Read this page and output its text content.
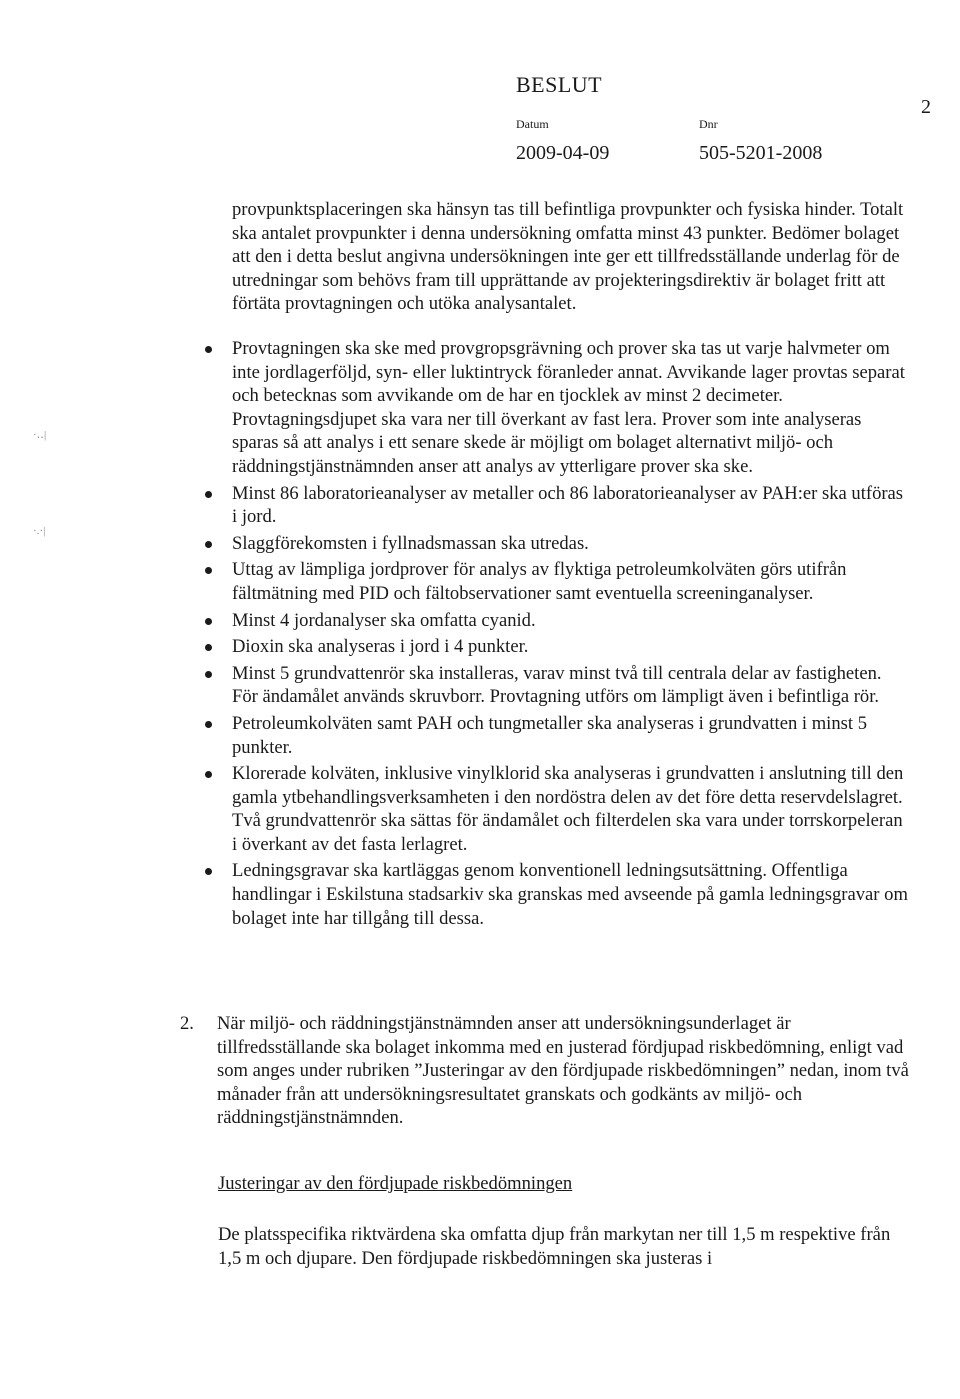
BESLUT
2
Datum	Dnr
2009-04-09	505-5201-2008
·‥|
·.·|
provpunktsplaceringen ska hänsyn tas till befintliga provpunkter och fysiska hinder. Totalt ska antalet provpunkter i denna undersökning omfatta minst 43 punkter. Bedömer bolaget att den i detta beslut angivna undersökningen inte ger ett tillfredsställande underlag för de utredningar som behövs fram till upprättande av projekteringsdirektiv är bolaget fritt att förtäta provtagningen och utöka analysantalet.
Provtagningen ska ske med provgropsgrävning och prover ska tas ut varje halvmeter om inte jordlagerföljd, syn- eller luktintryck föranleder annat. Avvikande lager provtas separat och betecknas som avvikande om de har en tjocklek av minst 2 decimeter. Provtagningsdjupet ska vara ner till överkant av fast lera. Prover som inte analyseras sparas så att analys i ett senare skede är möjligt om bolaget alternativt miljö- och räddningstjänstnämnden anser att analys av ytterligare prover ska ske.
Minst 86 laboratorieanalyser av metaller och 86 laboratorieanalyser av PAH:er ska utföras i jord.
Slaggförekomsten i fyllnadsmassan ska utredas.
Uttag av lämpliga jordprover för analys av flyktiga petroleumkolväten görs utifrån fältmätning med PID och fältobservationer samt eventuella screeninganalyser.
Minst 4 jordanalyser ska omfatta cyanid.
Dioxin ska analyseras i jord i 4 punkter.
Minst 5 grundvattenrör ska installeras, varav minst två till centrala delar av fastigheten. För ändamålet används skruvborr. Provtagning utförs om lämpligt även i befintliga rör.
Petroleumkolväten samt PAH och tungmetaller ska analyseras i grundvatten i minst 5 punkter.
Klorerade kolväten, inklusive vinylklorid ska analyseras i grundvatten i anslutning till den gamla ytbehandlingsverksamheten i den nordöstra delen av det före detta reservdelslagret. Två grundvattenrör ska sättas för ändamålet och filterdelen ska vara under torrskorpeleran i överkant av det fasta lerlagret.
Ledningsgravar ska kartläggas genom konventionell ledningsutsättning. Offentliga handlingar i Eskilstuna stadsarkiv ska granskas med avseende på gamla ledningsgravar om bolaget inte har tillgång till dessa.
2. När miljö- och räddningstjänstnämnden anser att undersökningsunderlaget är tillfredsställande ska bolaget inkomma med en justerad fördjupad riskbedömning, enligt vad som anges under rubriken ”Justeringar av den fördjupade riskbedömningen” nedan, inom två månader från att undersökningsresultatet granskats och godkänts av miljö- och räddningstjänstnämnden.
Justeringar av den fördjupade riskbedömningen
De platsspecifika riktvärdena ska omfatta djup från markytan ner till 1,5 m respektive från 1,5 m och djupare. Den fördjupade riskbedömningen ska justeras i
